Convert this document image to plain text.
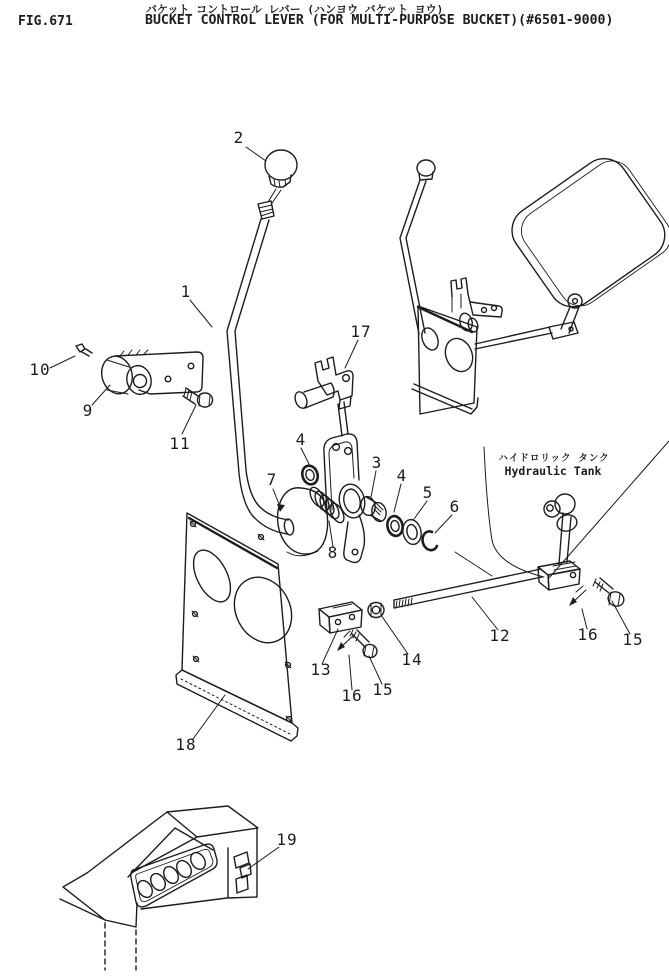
FIG.671
バケット コントロール レバー (ハンヨウ バケット ヨウ)
BUCKET CONTROL LEVER (FOR MULTI-PURPOSE BUCKET)(#6501-9000)
2
1
10
9
11
17
4
7
3
4
5
6
8
12	16 15
13
14
15
16
18
19
ハイドロリック タンク
Hydraulic Tank
